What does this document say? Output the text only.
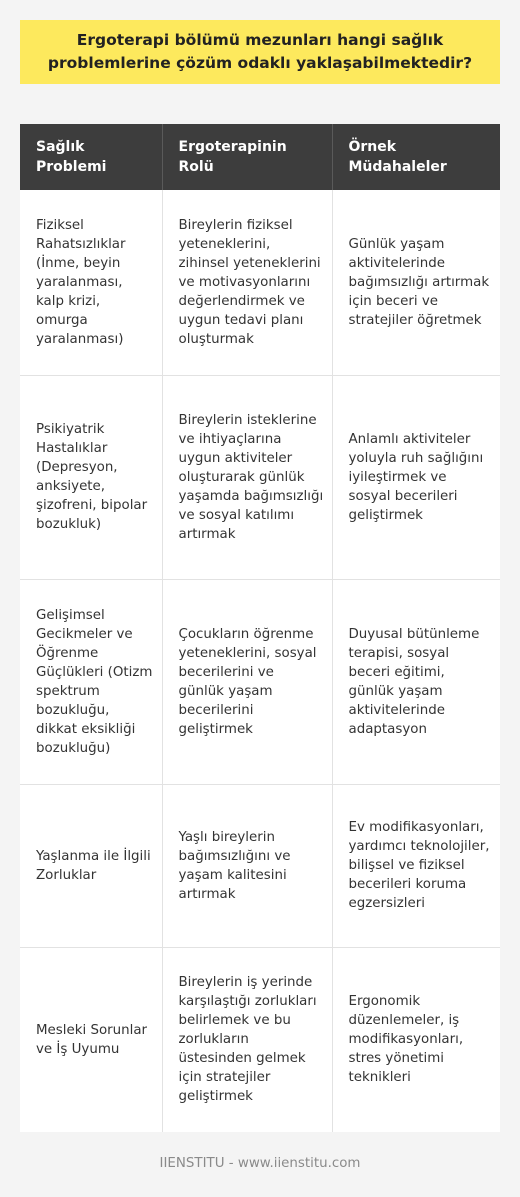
Ergoterapi bölümü mezunları hangi sağlık problemlerine çözüm odaklı yaklaşabilmektedir?
Sağlık Problemi	Ergoterapinin Rolü	Örnek Müdahaleler
Fiziksel Rahatsızlıklar (İnme, beyin yaralanması, kalp krizi, omurga yaralanması)	Bireylerin fiziksel yeteneklerini, zihinsel yeteneklerini ve motivasyonlarını değerlendirmek ve uygun tedavi planı oluşturmak	Günlük yaşam aktivitelerinde bağımsızlığı artırmak için beceri ve stratejiler öğretmek
Psikiyatrik Hastalıklar (Depresyon, anksiyete, şizofreni, bipolar bozukluk)	Bireylerin isteklerine ve ihtiyaçlarına uygun aktiviteler oluşturarak günlük yaşamda bağımsızlığı ve sosyal katılımı artırmak	Anlamlı aktiviteler yoluyla ruh sağlığını iyileştirmek ve sosyal becerileri geliştirmek
Gelişimsel Gecikmeler ve Öğrenme Güçlükleri (Otizm spektrum bozukluğu, dikkat eksikliği bozukluğu)	Çocukların öğrenme yeteneklerini, sosyal becerilerini ve günlük yaşam becerilerini geliştirmek	Duyusal bütünleme terapisi, sosyal beceri eğitimi, günlük yaşam aktivitelerinde adaptasyon
Yaşlanma ile İlgili Zorluklar	Yaşlı bireylerin bağımsızlığını ve yaşam kalitesini artırmak	Ev modifikasyonları, yardımcı teknolojiler, bilişsel ve fiziksel becerileri koruma egzersizleri
Mesleki Sorunlar ve İş Uyumu	Bireylerin iş yerinde karşılaştığı zorlukları belirlemek ve bu zorlukların üstesinden gelmek için stratejiler geliştirmek	Ergonomik düzenlemeler, iş modifikasyonları, stres yönetimi teknikleri
IIENSTITU - www.iienstitu.com
